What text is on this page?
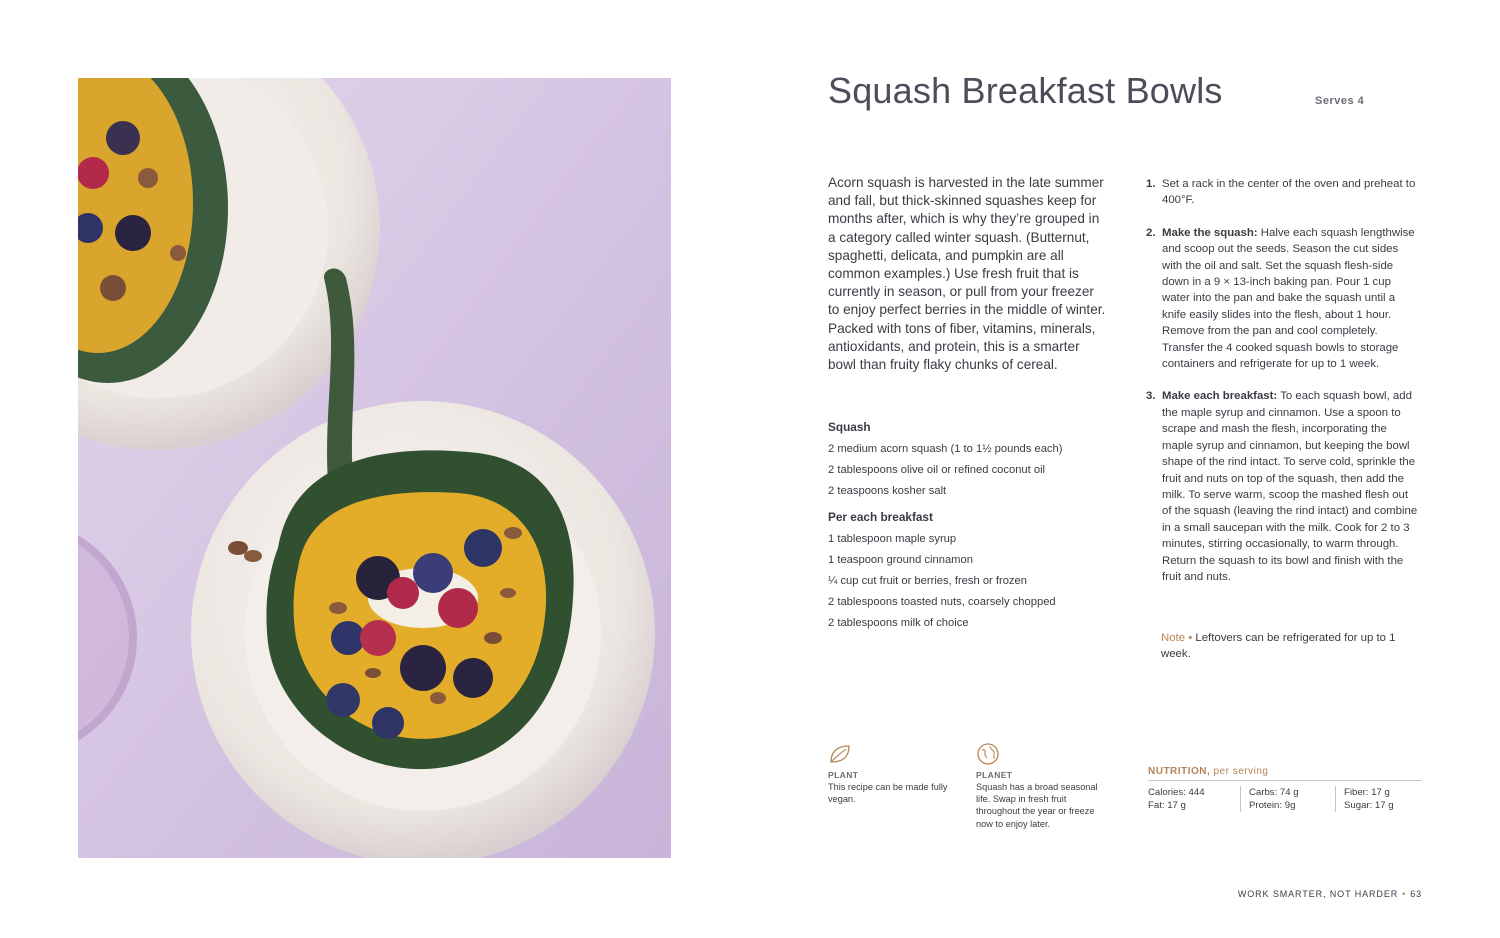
Squash Breakfast Bowls	Serves 4

Acorn squash is harvested in the late summer and fall, but thick-skinned squashes keep for months after, which is why they’re grouped in a category called winter squash. (Butternut, spaghetti, delicata, and pumpkin are all common examples.) Use fresh fruit that is currently in season, or pull from your freezer to enjoy perfect berries in the middle of winter. Packed with tons of fiber, vitamins, minerals, antioxidants, and protein, this is a smarter bowl than fruity flaky chunks of cereal.

Squash
2 medium acorn squash (1 to 1½ pounds each)
2 tablespoons olive oil or refined coconut oil
2 teaspoons kosher salt
Per each breakfast
1 tablespoon maple syrup
1 teaspoon ground cinnamon
¼ cup cut fruit or berries, fresh or frozen
2 tablespoons toasted nuts, coarsely chopped
2 tablespoons milk of choice
1. Set a rack in the center of the oven and preheat to 400°F.
2. Make the squash: Halve each squash lengthwise and scoop out the seeds. Season the cut sides with the oil and salt. Set the squash flesh-side down in a 9 × 13-inch baking pan. Pour 1 cup water into the pan and bake the squash until a knife easily slides into the flesh, about 1 hour. Remove from the pan and cool completely. Transfer the 4 cooked squash bowls to storage containers and refrigerate for up to 1 week.
3. Make each breakfast: To each squash bowl, add the maple syrup and cinnamon. Use a spoon to scrape and mash the flesh, incorporating the maple syrup and cinnamon, but keeping the bowl shape of the rind intact. To serve cold, sprinkle the fruit and nuts on top of the squash, then add the milk. To serve warm, scoop the mashed flesh out of the squash (leaving the rind intact) and combine in a small saucepan with the milk. Cook for 2 to 3 minutes, stirring occasionally, to warm through. Return the squash to its bowl and finish with the fruit and nuts.
Note • Leftovers can be refrigerated for up to 1 week.
PLANT
This recipe can be made fully vegan.
PLANET
Squash has a broad seasonal life. Swap in fresh fruit throughout the year or freeze now to enjoy later.
NUTRITION, per serving
Calories: 444
Fat: 17 g
Carbs: 74 g
Protein: 9g
Fiber: 17 g
Sugar: 17 g
WORK SMARTER, NOT HARDER • 63
